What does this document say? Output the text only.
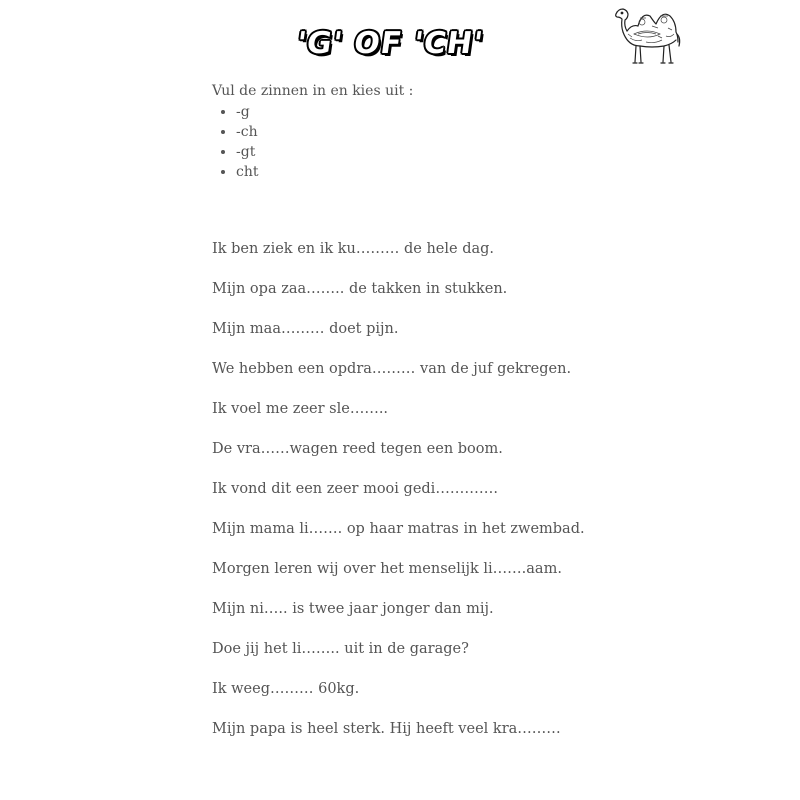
'G' OF 'CH'
Vul de zinnen in en kies uit :
• -g
• -ch
• -gt
• cht
Ik ben ziek en ik ku……… de hele dag.
Mijn opa zaa…….. de takken in stukken.
Mijn maa……… doet pijn.
We hebben een opdra……… van de juf gekregen.
Ik voel me zeer sle……..
De vra……wagen reed tegen een boom.
Ik vond dit een zeer mooi gedi………….
Mijn mama li……. op haar matras in het zwembad.
Morgen leren wij over het menselijk li…….aam.
Mijn ni….. is twee jaar jonger dan mij.
Doe jij het li…….. uit in de garage?
Ik weeg……… 60kg.
Mijn papa is heel sterk. Hij heeft veel kra………
